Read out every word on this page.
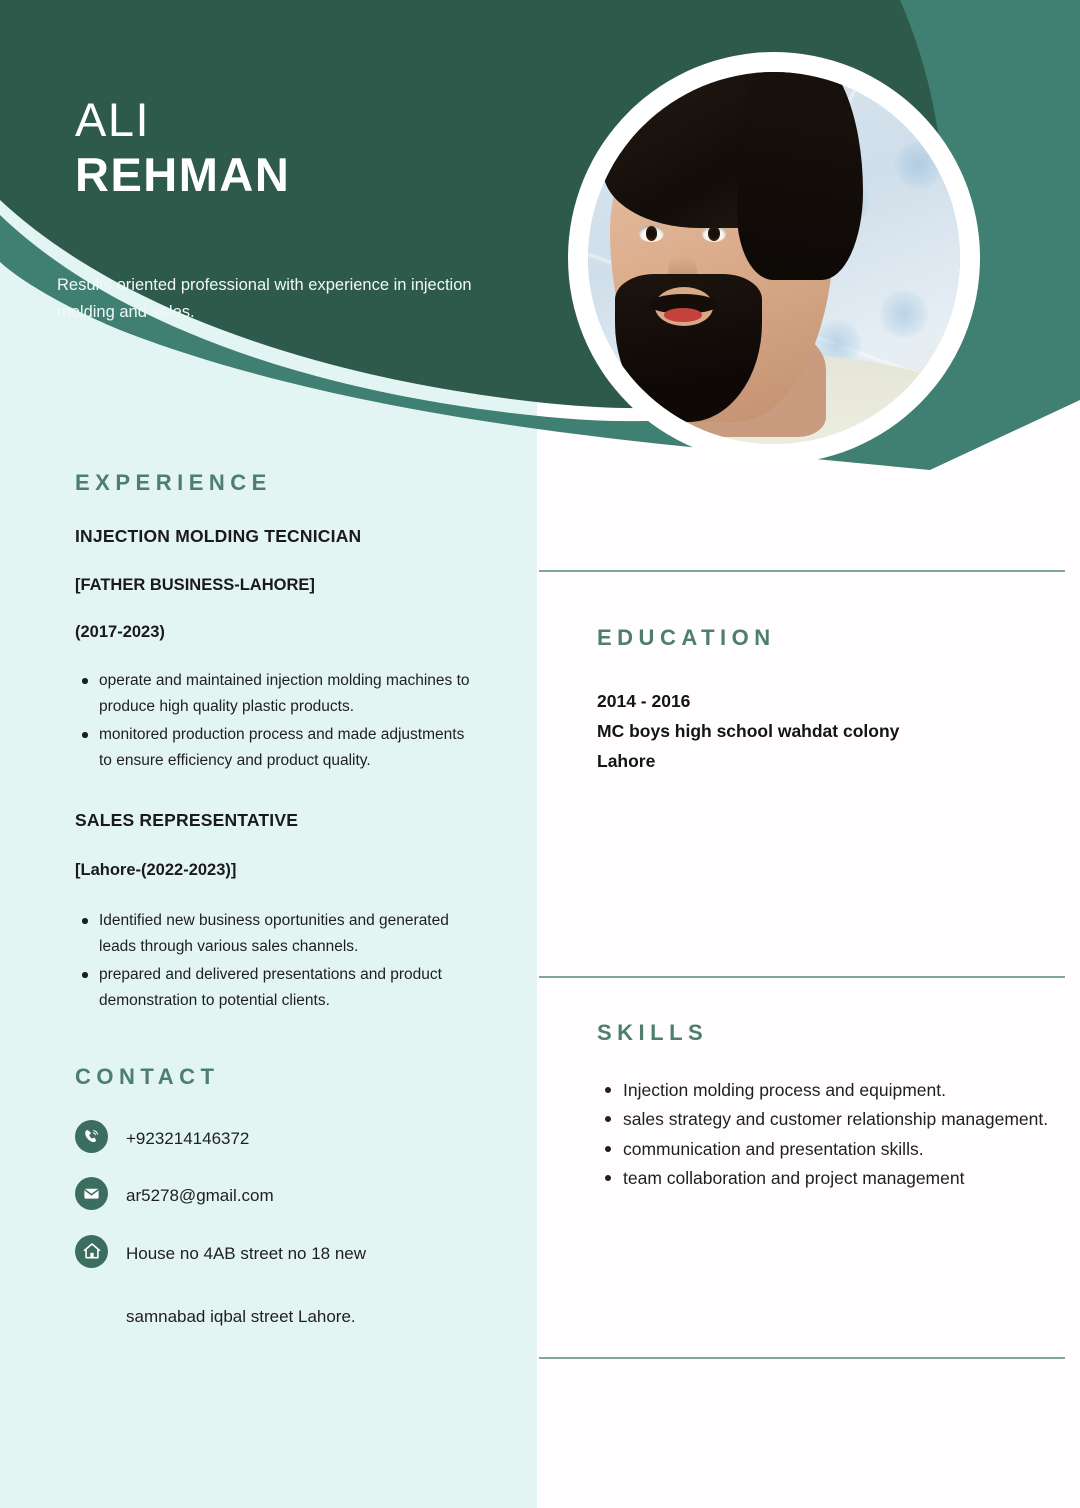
ALI
REHMAN
Results oriented professional with experience in injection molding and sales.
EXPERIENCE
INJECTION MOLDING TECNICIAN
[FATHER BUSINESS-LAHORE]
(2017-2023)
operate and maintained injection molding machines to produce high quality plastic products.
monitored production process and made adjustments to ensure efficiency and product quality.
SALES REPRESENTATIVE
[Lahore-(2022-2023)]
Identified new business oportunities and generated leads through various sales channels.
prepared and delivered presentations and product demonstration to potential clients.
CONTACT
+923214146372
ar5278@gmail.com
House no 4AB street no 18 new
samnabad iqbal street Lahore.
EDUCATION
2014 - 2016
MC boys high school wahdat colony
Lahore
SKILLS
Injection molding process and equipment.
sales strategy and customer relationship management.
communication and presentation skills.
team collaboration and project management
